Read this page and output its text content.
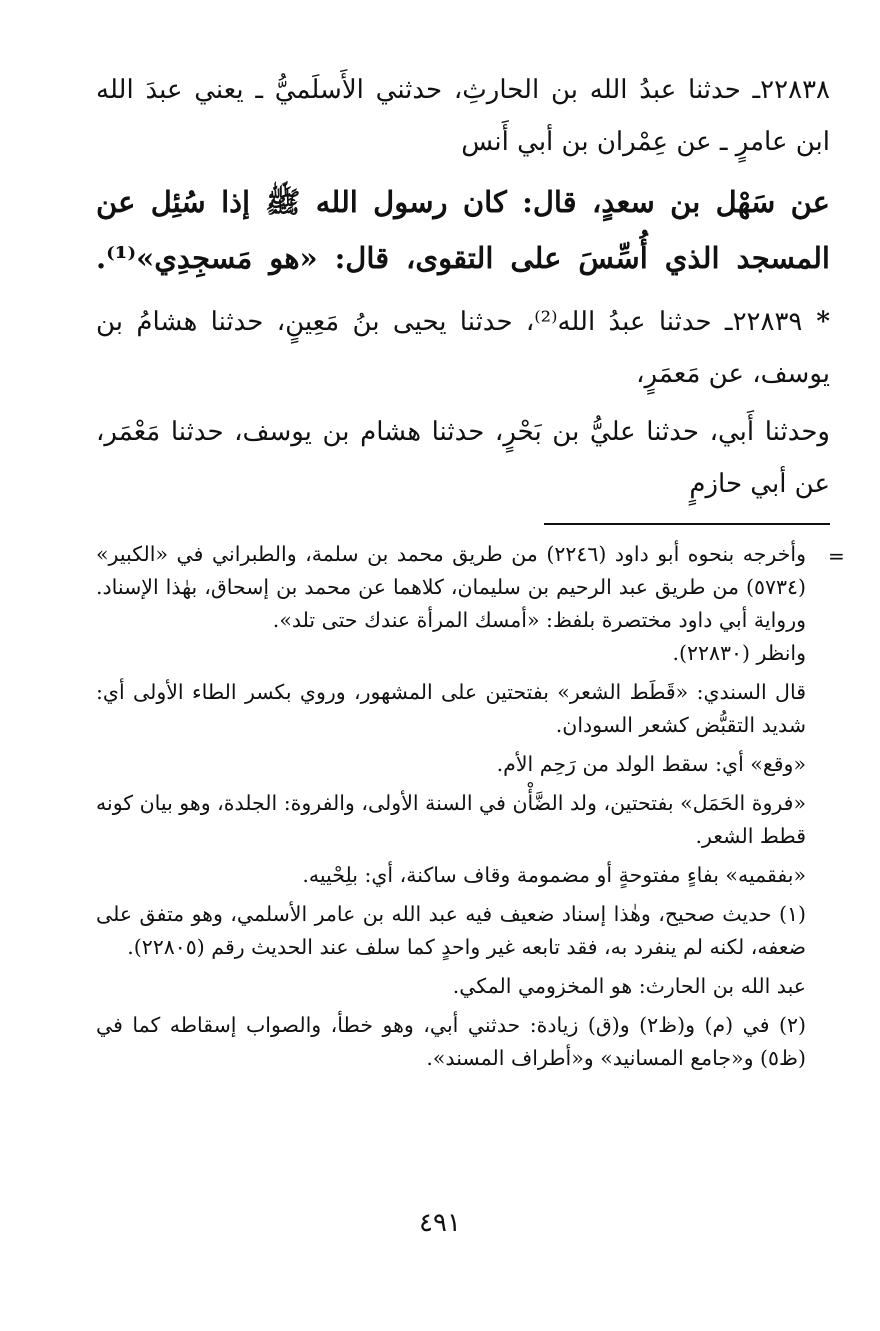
٢٢٨٣٨ـ حدثنا عبدُ الله بن الحارثِ، حدثني الأَسلَميُّ ـ يعني عبدَ الله ابن عامرٍ ـ عن عِمْران بن أبي أَنس

عن سَهْل بن سعدٍ، قال: كان رسول الله ﷺ إذا سُئِل عن المسجد الذي أُسِّسَ على التقوى، قال: «هو مَسجِدِي»⁽¹⁾.

*٢٢٨٣٩ـ حدثنا عبدُ الله⁽²⁾، حدثنا يحيى بنُ مَعِينٍ، حدثنا هشامُ بن يوسف، عن مَعمَرٍ،

وحدثنا أَبي، حدثنا عليُّ بن بَحْرٍ، حدثنا هشام بن يوسف، حدثنا مَعْمَر، عن أبي حازمٍ

=

وأخرجه بنحوه أبو داود (٢٢٤٦) من طريق محمد بن سلمة، والطبراني في «الكبير» (٥٧٣٤) من طريق عبد الرحيم بن سليمان، كلاهما عن محمد بن إسحاق، بهٰذا الإسناد. ورواية أبي داود مختصرة بلفظ: «أمسك المرأة عندك حتى تلد».

وانظر (٢٢٨٣٠).

قال السندي: «قَطَط الشعر» بفتحتين على المشهور، وروي بكسر الطاء الأولى أي: شديد التقبُّض كشعر السودان.

«وقع» أي: سقط الولد من رَحِم الأم.

«فروة الحَمَل» بفتحتين، ولد الضَّأْن في السنة الأولى، والفروة: الجلدة، وهو بيان كونه قطط الشعر.

«بفقميه» بفاءٍ مفتوحةٍ أو مضمومة وقاف ساكنة، أي: بلِحْييه.

(١) حديث صحيح، وهٰذا إسناد ضعيف فيه عبد الله بن عامر الأسلمي، وهو متفق على ضعفه، لكنه لم ينفرد به، فقد تابعه غير واحدٍ كما سلف عند الحديث رقم (٢٢٨٠٥).

عبد الله بن الحارث: هو المخزومي المكي.

(٢) في (م) و(ظ٢) و(ق) زيادة: حدثني أبي، وهو خطأ، والصواب إسقاطه كما في (ظ٥) و«جامع المسانيد» و«أطراف المسند».

٤٩١
